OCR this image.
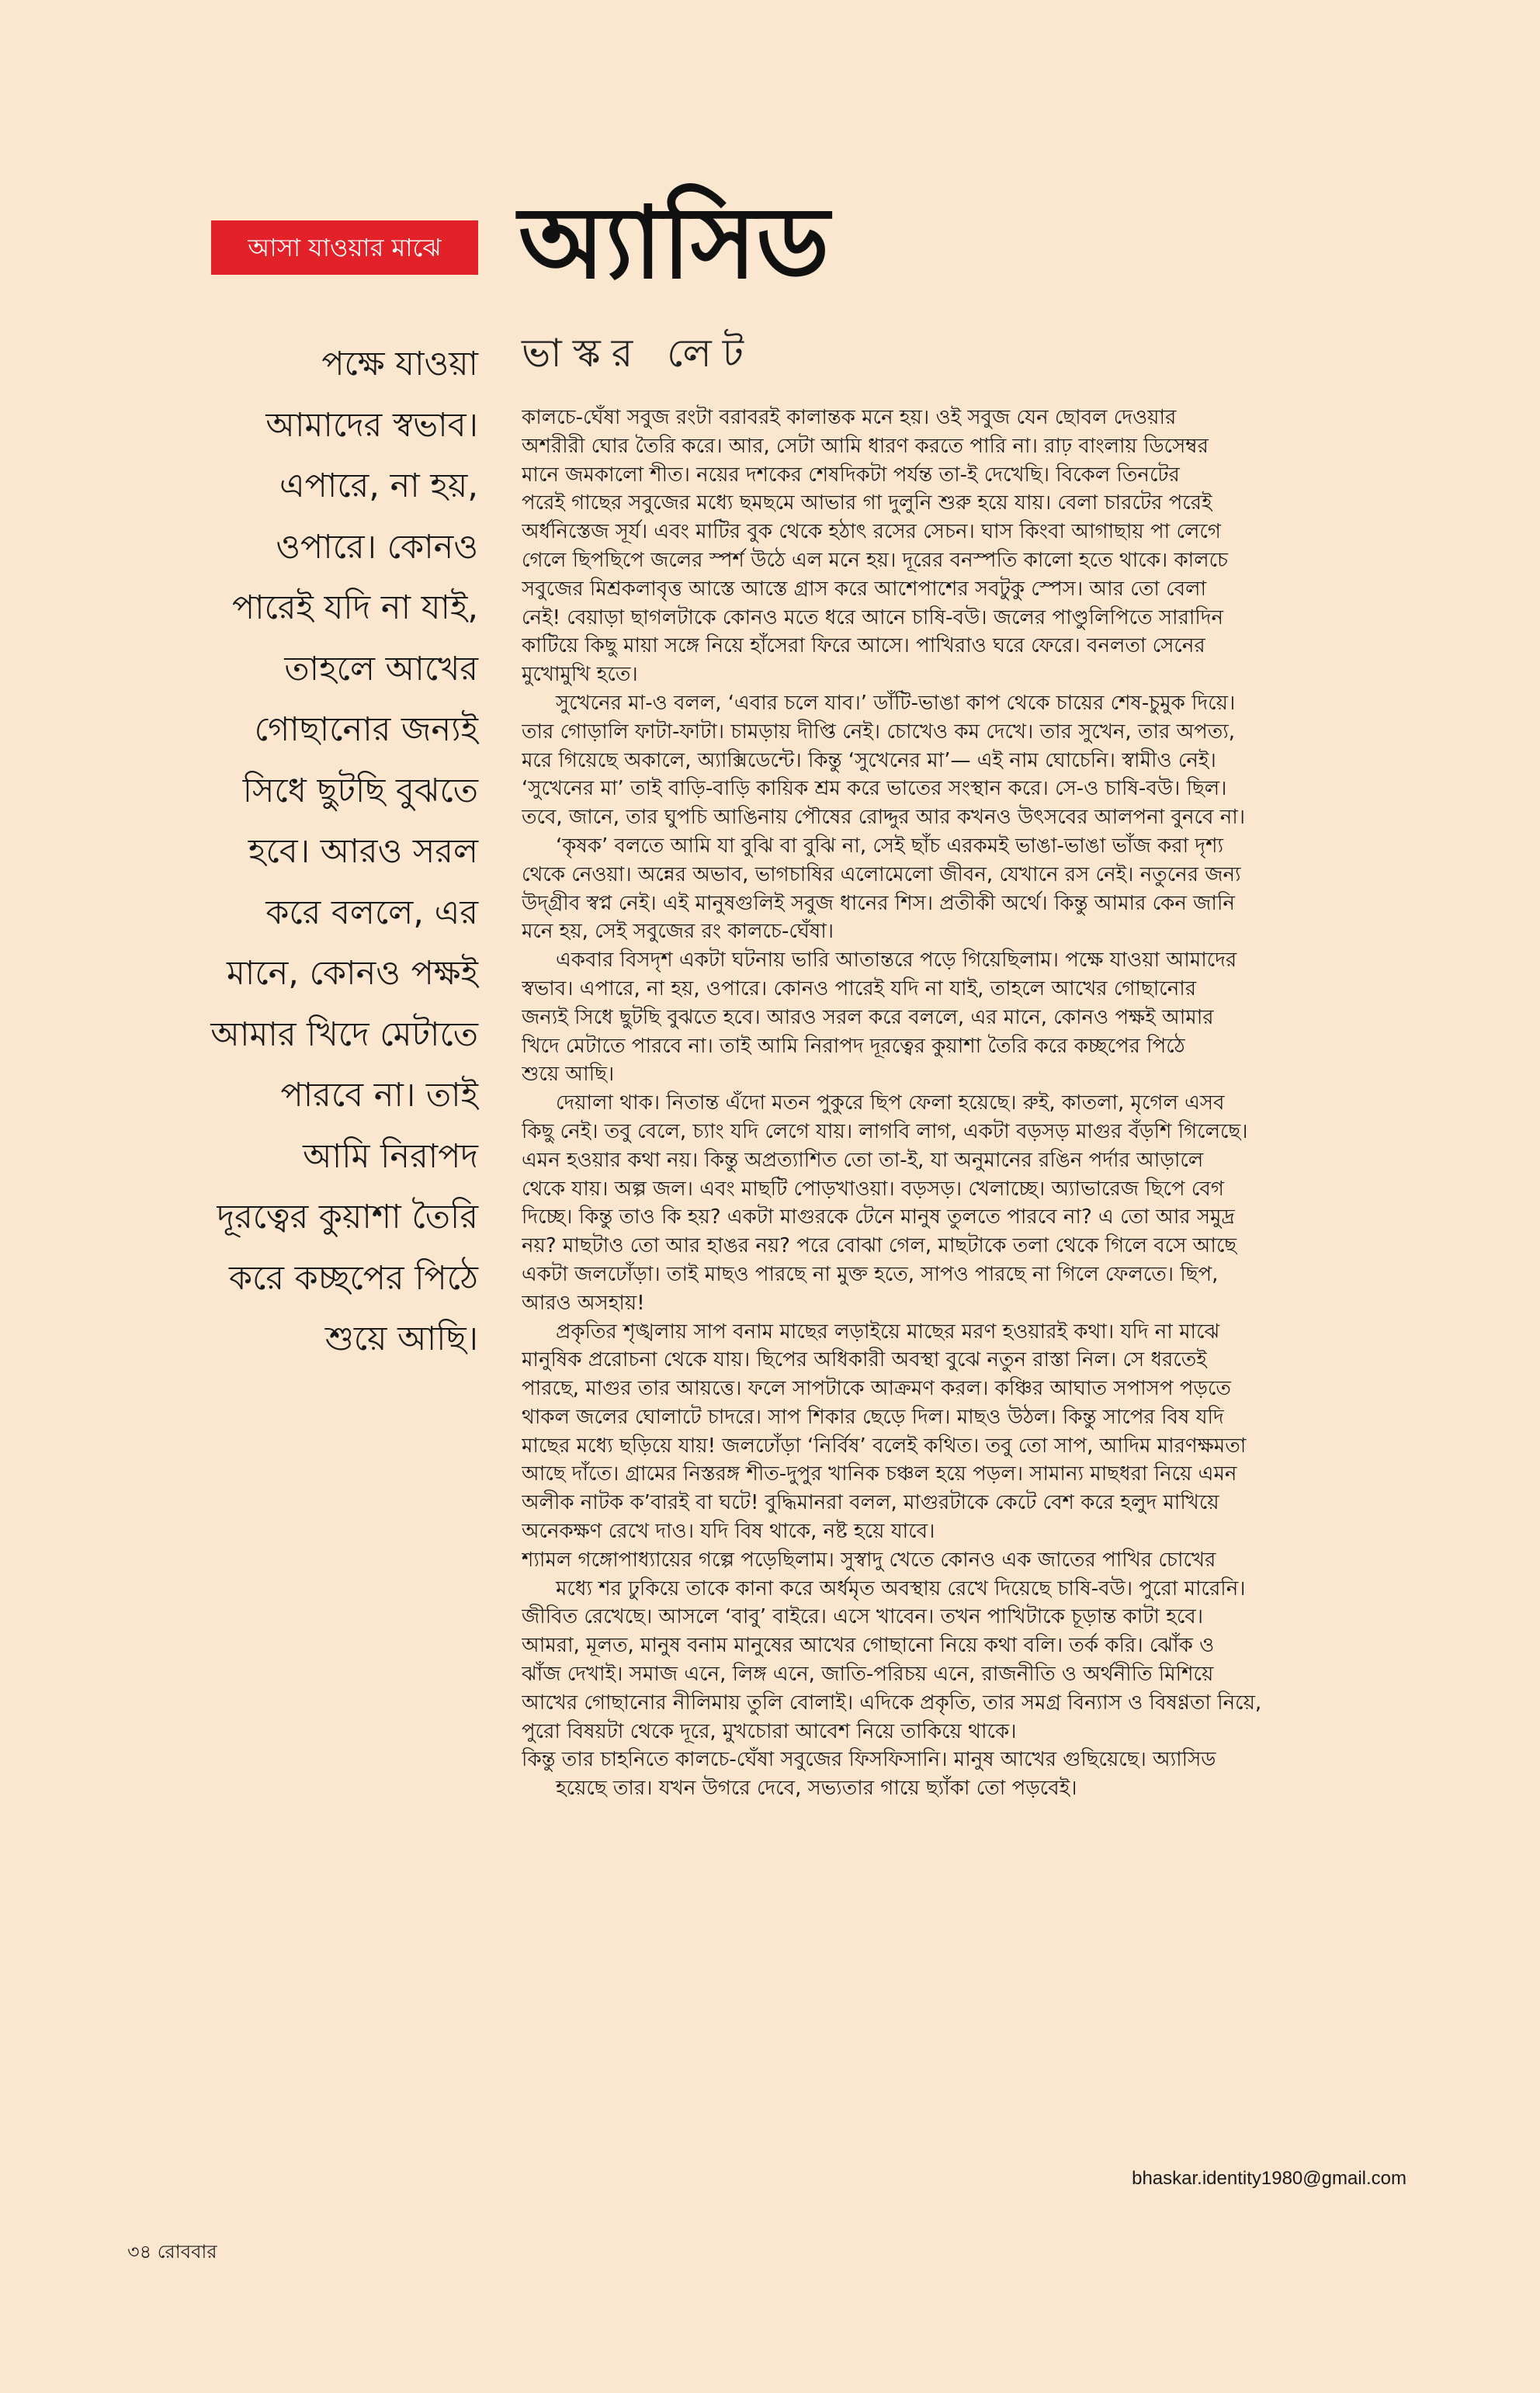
আসা যাওয়ার মাঝে অ্যাসিড
ভাস্কর লেট
পক্ষে যাওয়া
আমাদের স্বভাব।
এপারে, না হয়,
ওপারে। কোনও
পারেই যদি না যাই,
তাহলে আখের
গোছানোর জন্যই
সিধে ছুটছি বুঝতে
হবে। আরও সরল
করে বললে, এর
মানে, কোনও পক্ষই
আমার খিদে মেটাতে
পারবে না। তাই
আমি নিরাপদ
দূরত্বের কুয়াশা তৈরি
করে কচ্ছপের পিঠে
শুয়ে আছি।
কালচে-ঘেঁষা সবুজ রংটা বরাবরই কালান্তক মনে হয়। ওই সবুজ যেন ছোবল দেওয়ার
অশরীরী ঘোর তৈরি করে। আর, সেটা আমি ধারণ করতে পারি না। রাঢ় বাংলায় ডিসেম্বর
মানে জমকালো শীত। নয়ের দশকের শেষদিকটা পর্যন্ত তা-ই দেখেছি। বিকেল তিনটের
পরেই গাছের সবুজের মধ্যে ছমছমে আভার গা দুলুনি শুরু হয়ে যায়। বেলা চারটের পরেই
অর্ধনিস্তেজ সূর্য। এবং মাটির বুক থেকে হঠাৎ রসের সেচন। ঘাস কিংবা আগাছায় পা লেগে
গেলে ছিপছিপে জলের স্পর্শ উঠে এল মনে হয়। দূরের বনস্পতি কালো হতে থাকে। কালচে
সবুজের মিশ্রকলাবৃত্ত আস্তে আস্তে গ্রাস করে আশেপাশের সবটুকু স্পেস। আর তো বেলা
নেই! বেয়াড়া ছাগলটাকে কোনও মতে ধরে আনে চাষি-বউ। জলের পাণ্ডুলিপিতে সারাদিন
কাটিয়ে কিছু মায়া সঙ্গে নিয়ে হাঁসেরা ফিরে আসে। পাখিরাও ঘরে ফেরে। বনলতা সেনের
মুখোমুখি হতে।
সুখেনের মা-ও বলল, ‘এবার চলে যাব।’ ডাঁটি-ভাঙা কাপ থেকে চায়ের শেষ-চুমুক দিয়ে।
তার গোড়ালি ফাটা-ফাটা। চামড়ায় দীপ্তি নেই। চোখেও কম দেখে। তার সুখেন, তার অপত্য,
মরে গিয়েছে অকালে, অ্যাক্সিডেন্টে। কিন্তু ‘সুখেনের মা’— এই নাম ঘোচেনি। স্বামীও নেই।
‘সুখেনের মা’ তাই বাড়ি-বাড়ি কায়িক শ্রম করে ভাতের সংস্থান করে। সে-ও চাষি-বউ। ছিল।
তবে, জানে, তার ঘুপচি আঙিনায় পৌষের রোদ্দুর আর কখনও উৎসবের আলপনা বুনবে না।
‘কৃষক’ বলতে আমি যা বুঝি বা বুঝি না, সেই ছাঁচ এরকমই ভাঙা-ভাঙা ভাঁজ করা দৃশ্য
থেকে নেওয়া। অন্নের অভাব, ভাগচাষির এলোমেলো জীবন, যেখানে রস নেই। নতুনের জন্য
উদ্‌গ্রীব স্বপ্ন নেই। এই মানুষগুলিই সবুজ ধানের শিস। প্রতীকী অর্থে। কিন্তু আমার কেন জানি
মনে হয়, সেই সবুজের রং কালচে-ঘেঁষা।
একবার বিসদৃশ একটা ঘটনায় ভারি আতান্তরে পড়ে গিয়েছিলাম। পক্ষে যাওয়া আমাদের
স্বভাব। এপারে, না হয়, ওপারে। কোনও পারেই যদি না যাই, তাহলে আখের গোছানোর
জন্যই সিধে ছুটছি বুঝতে হবে। আরও সরল করে বললে, এর মানে, কোনও পক্ষই আমার
খিদে মেটাতে পারবে না। তাই আমি নিরাপদ দূরত্বের কুয়াশা তৈরি করে কচ্ছপের পিঠে
শুয়ে আছি।
দেয়ালা থাক। নিতান্ত এঁদো মতন পুকুরে ছিপ ফেলা হয়েছে। রুই, কাতলা, মৃগেল এসব
কিছু নেই। তবু বেলে, চ্যাং যদি লেগে যায়। লাগবি লাগ, একটা বড়সড় মাগুর বঁড়শি গিলেছে।
এমন হওয়ার কথা নয়। কিন্তু অপ্রত্যাশিত তো তা-ই, যা অনুমানের রঙিন পর্দার আড়ালে
থেকে যায়। অল্প জল। এবং মাছটি পোড়খাওয়া। বড়সড়। খেলাচ্ছে। অ্যাভারেজ ছিপে বেগ
দিচ্ছে। কিন্তু তাও কি হয়? একটা মাগুরকে টেনে মানুষ তুলতে পারবে না? এ তো আর সমুদ্র
নয়? মাছটাও তো আর হাঙর নয়? পরে বোঝা গেল, মাছটাকে তলা থেকে গিলে বসে আছে
একটা জলঢোঁড়া। তাই মাছও পারছে না মুক্ত হতে, সাপও পারছে না গিলে ফেলতে। ছিপ,
আরও অসহায়!
প্রকৃতির শৃঙ্খলায় সাপ বনাম মাছের লড়াইয়ে মাছের মরণ হওয়ারই কথা। যদি না মাঝে
মানুষিক প্ররোচনা থেকে যায়। ছিপের অধিকারী অবস্থা বুঝে নতুন রাস্তা নিল। সে ধরতেই
পারছে, মাগুর তার আয়ত্তে। ফলে সাপটাকে আক্রমণ করল। কঞ্চির আঘাত সপাসপ পড়তে
থাকল জলের ঘোলাটে চাদরে। সাপ শিকার ছেড়ে দিল। মাছও উঠল। কিন্তু সাপের বিষ যদি
মাছের মধ্যে ছড়িয়ে যায়! জলঢোঁড়া ‘নির্বিষ’ বলেই কথিত। তবু তো সাপ, আদিম মারণক্ষমতা
আছে দাঁতে। গ্রামের নিস্তরঙ্গ শীত-দুপুর খানিক চঞ্চল হয়ে পড়ল। সামান্য মাছধরা নিয়ে এমন
অলীক নাটক ক’বারই বা ঘটে! বুদ্ধিমানরা বলল, মাগুরটাকে কেটে বেশ করে হলুদ মাখিয়ে
অনেকক্ষণ রেখে দাও। যদি বিষ থাকে, নষ্ট হয়ে যাবে।
শ্যামল গঙ্গোপাধ্যায়ের গল্পে পড়েছিলাম। সুস্বাদু খেতে কোনও এক জাতের পাখির চোখের
মধ্যে শর ঢুকিয়ে তাকে কানা করে অর্ধমৃত অবস্থায় রেখে দিয়েছে চাষি-বউ। পুরো মারেনি।
জীবিত রেখেছে। আসলে ‘বাবু’ বাইরে। এসে খাবেন। তখন পাখিটাকে চূড়ান্ত কাটা হবে।
আমরা, মূলত, মানুষ বনাম মানুষের আখের গোছানো নিয়ে কথা বলি। তর্ক করি। ঝোঁক ও
ঝাঁজ দেখাই। সমাজ এনে, লিঙ্গ এনে, জাতি-পরিচয় এনে, রাজনীতি ও অর্থনীতি মিশিয়ে
আখের গোছানোর নীলিমায় তুলি বোলাই। এদিকে প্রকৃতি, তার সমগ্র বিন্যাস ও বিষণ্ণতা নিয়ে,
পুরো বিষয়টা থেকে দূরে, মুখচোরা আবেশ নিয়ে তাকিয়ে থাকে।
কিন্তু তার চাহনিতে কালচে-ঘেঁষা সবুজের ফিসফিসানি। মানুষ আখের গুছিয়েছে। অ্যাসিড
হয়েছে তার। যখন উগরে দেবে, সভ্যতার গায়ে ছ্যাঁকা তো পড়বেই।
bhaskar.identity1980@gmail.com
৩৪ রোববার
